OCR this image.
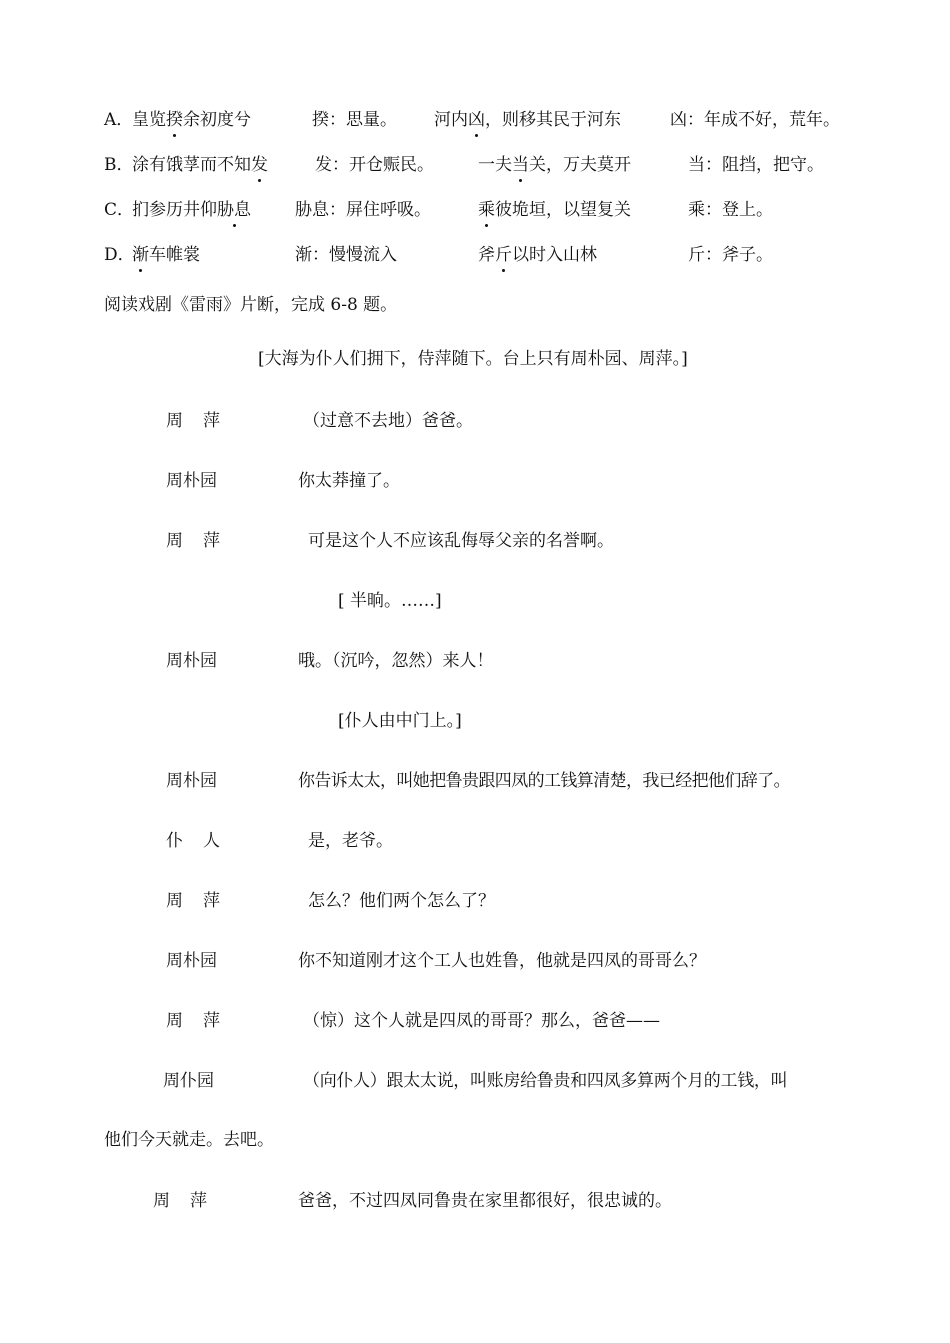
A．
皇览揆余初度兮	揆：思量。 河内凶，则移其民于河东	凶：年成不好，荒年。
B．
涂有饿莩而不知发	发：开仓赈民。	一夫当关，万夫莫开	当：阻挡，把守。
C．
扪参历井仰胁息	胁息：屏住呼吸。	乘彼垝垣，以望复关	乘：登上。
D．
渐车帷裳	渐：慢慢流入	斧斤以时入山林	斤：斧子。
阅读戏剧《雷雨》片断，完成 6-8 题。
[大海为仆人们拥下，侍萍随下。台上只有周朴园、周萍。]
周萍	（过意不去地）爸爸。
周朴园	你太莽撞了。
周萍	可是这个人不应该乱侮辱父亲的名誉啊。
[ 半晌。……]
周朴园	哦。（沉吟，忽然）来人！
[仆人由中门上。]
周朴园	你告诉太太，叫她把鲁贵跟四凤的工钱算清楚，我已经把他们辞了。
仆人	是，老爷。
周萍	怎么？他们两个怎么了？
周朴园	你不知道刚才这个工人也姓鲁，他就是四凤的哥哥么？
周萍	（惊）这个人就是四凤的哥哥？那么，爸爸——
周仆园	（向仆人）跟太太说，叫账房给鲁贵和四凤多算两个月的工钱，叫
他们今天就走。去吧。
周萍	爸爸，不过四凤同鲁贵在家里都很好，很忠诚的。
